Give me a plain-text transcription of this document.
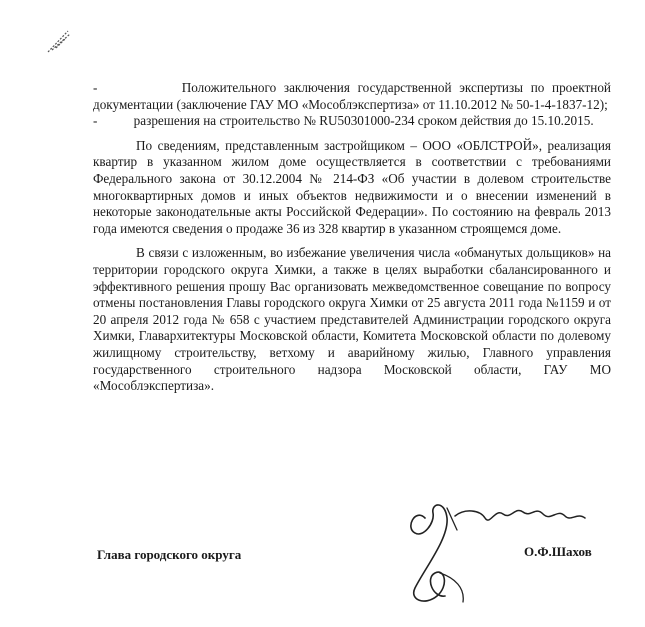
-           Положительного заключения государственной экспертизы по проектной документации (заключение ГАУ МО «Мособлэкспертиза» от 11.10.2012 № 50-1-4-1837-12);

-           разрешения на строительство № RU50301000-234 сроком действия до 15.10.2015.

По сведениям, представленным застройщиком – ООО «ОБЛСТРОЙ», реализация квартир в указанном жилом доме осуществляется в соответствии с требованиями Федерального закона от 30.12.2004 № 214-ФЗ «Об участии в долевом строительстве многоквартирных домов и иных объектов недвижимости и о внесении изменений в некоторые законодательные акты Российской Федерации». По состоянию на февраль 2013 года имеются сведения о продаже 36 из 328 квартир в указанном строящемся доме.

В связи с изложенным, во избежание увеличения числа «обманутых дольщиков» на территории городского округа Химки, а также в целях выработки сбалансированного и эффективного решения прошу Вас организовать межведомственное совещание по вопросу отмены постановления Главы городского округа Химки от 25 августа 2011 года №1159 и от 20 апреля 2012 года № 658 с участием представителей Администрации городского округа Химки, Главархитектуры Московской области, Комитета Московской области по долевому жилищному строительству, ветхому и аварийному жилью, Главного управления государственного строительного надзора Московской области, ГАУ МО «Мособлэкспертиза».

Глава городского округа	О.Ф.Шахов
